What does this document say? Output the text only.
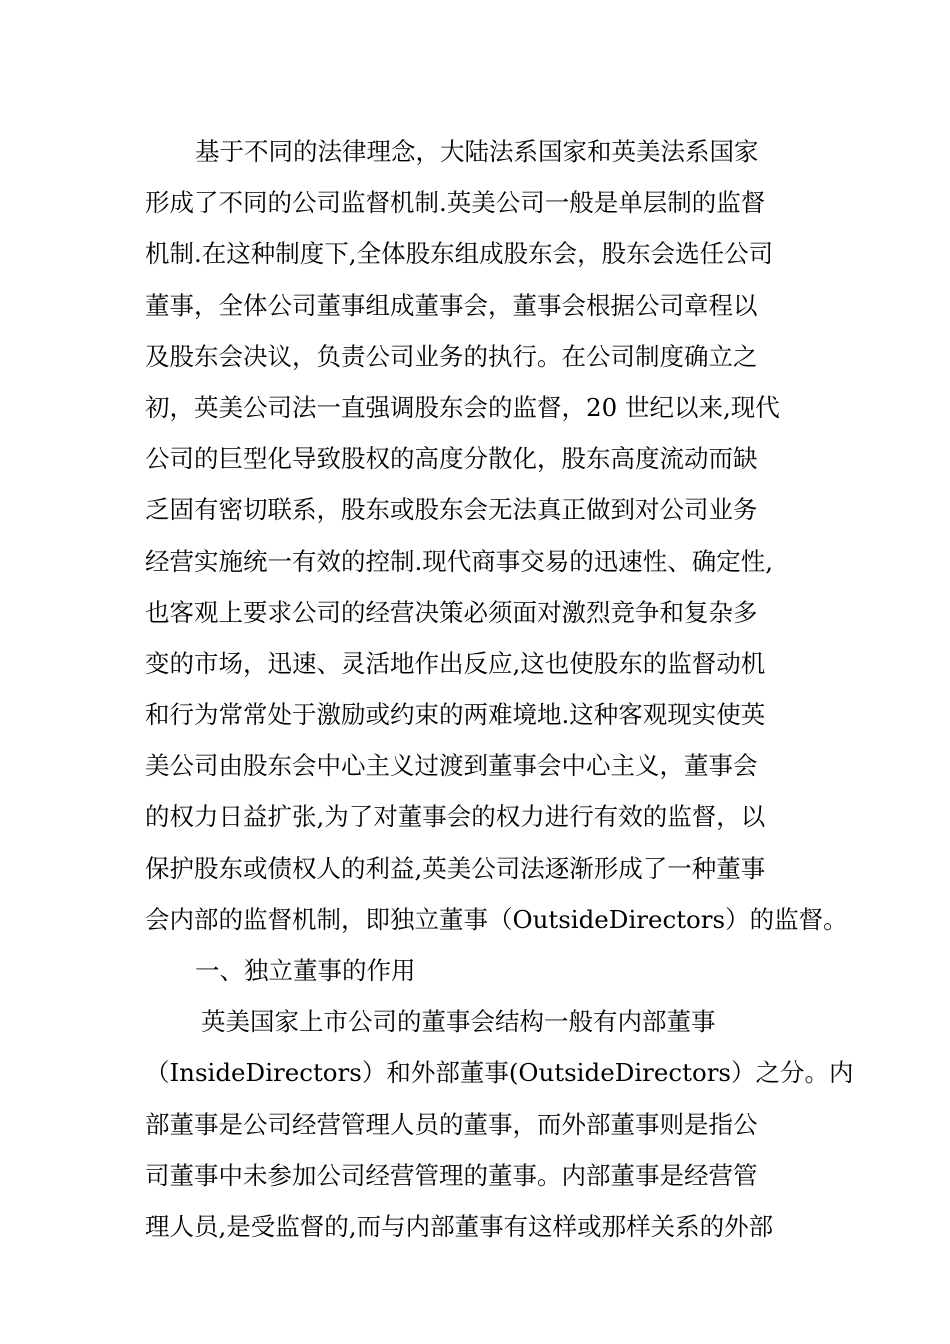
基于不同的法律理念，大陆法系国家和英美法系国家
形成了不同的公司监督机制.英美公司一般是单层制的监督
机制.在这种制度下,全体股东组成股东会，股东会选任公司
董事，全体公司董事组成董事会，董事会根据公司章程以
及股东会决议，负责公司业务的执行。在公司制度确立之
初，英美公司法一直强调股东会的监督，20 世纪以来,现代
公司的巨型化导致股权的高度分散化，股东高度流动而缺
乏固有密切联系，股东或股东会无法真正做到对公司业务
经营实施统一有效的控制.现代商事交易的迅速性、确定性,
也客观上要求公司的经营决策必须面对激烈竞争和复杂多
变的市场，迅速、灵活地作出反应,这也使股东的监督动机
和行为常常处于激励或约束的两难境地.这种客观现实使英
美公司由股东会中心主义过渡到董事会中心主义，董事会
的权力日益扩张,为了对董事会的权力进行有效的监督，以
保护股东或债权人的利益,英美公司法逐渐形成了一种董事
会内部的监督机制，即独立董事（OutsideDirectors）的监督。
一、独立董事的作用
英美国家上市公司的董事会结构一般有内部董事
（InsideDirectors）和外部董事(OutsideDirectors）之分。内
部董事是公司经营管理人员的董事，而外部董事则是指公
司董事中未参加公司经营管理的董事。内部董事是经营管
理人员,是受监督的,而与内部董事有这样或那样关系的外部
